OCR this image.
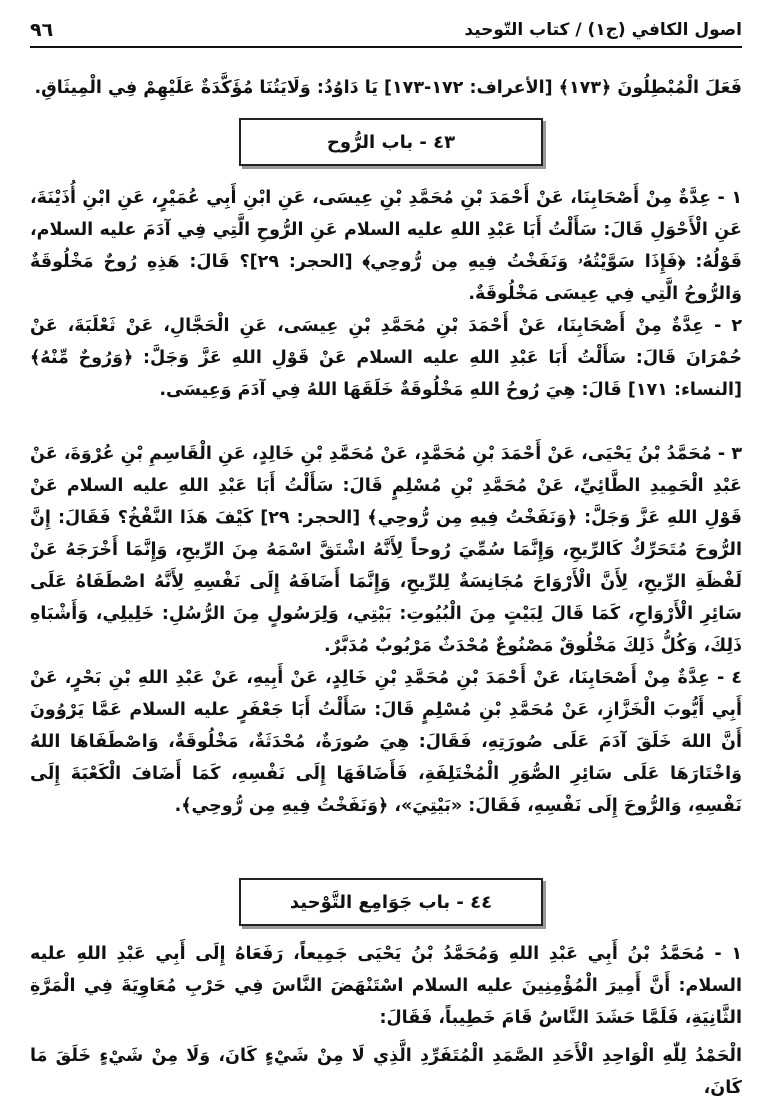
اصول الكافي (ج١) / كتاب التّوحيد
٩٦
فَعَلَ الْمُبْطِلُونَ ﴿١٧٣﴾ [الأعراف: ١٧٢-١٧٣] يَا دَاوُدُ: وَلَايَتُنَا مُؤَكَّدَةٌ عَلَيْهِمْ فِي الْمِيثَاقِ.
٤٣ - باب الرُّوح
١ - عِدَّةٌ مِنْ أَصْحَابِنَا، عَنْ أَحْمَدَ بْنِ مُحَمَّدِ بْنِ عِيسَى، عَنِ ابْنِ أَبِي عُمَيْرٍ، عَنِ ابْنِ أُذَيْنَةَ، عَنِ الْأَحْوَلِ قَالَ: سَأَلْتُ أَبَا عَبْدِ اللهِ عليه السلام عَنِ الرُّوحِ الَّتِي فِي آدَمَ عليه السلام، قَوْلُهُ: ﴿فَإِذَا سَوَّيْتُهُۥ وَنَفَخْتُ فِيهِ مِن رُّوحِي﴾ [الحجر: ٢٩]؟ قَالَ: هَذِهِ رُوحٌ مَخْلُوقَةٌ وَالرُّوحُ الَّتِي فِي عِيسَى مَخْلُوقَةٌ.
٢ - عِدَّةٌ مِنْ أَصْحَابِنَا، عَنْ أَحْمَدَ بْنِ مُحَمَّدِ بْنِ عِيسَى، عَنِ الْحَجَّالِ، عَنْ ثَعْلَبَةَ، عَنْ حُمْرَانَ قَالَ: سَأَلْتُ أَبَا عَبْدِ اللهِ عليه السلام عَنْ قَوْلِ اللهِ عَزَّ وَجَلَّ: ﴿وَرُوحٌ مِّنْهُ﴾ [النساء: ١٧١] قَالَ: هِيَ رُوحُ اللهِ مَخْلُوقَةٌ خَلَقَهَا اللهُ فِي آدَمَ وَعِيسَى.
٣ - مُحَمَّدُ بْنُ يَحْيَى، عَنْ أَحْمَدَ بْنِ مُحَمَّدٍ، عَنْ مُحَمَّدِ بْنِ خَالِدٍ، عَنِ الْقَاسِمِ بْنِ عُرْوَةَ، عَنْ عَبْدِ الْحَمِيدِ الطَّائِيِّ، عَنْ مُحَمَّدِ بْنِ مُسْلِمٍ قَالَ: سَأَلْتُ أَبَا عَبْدِ اللهِ عليه السلام عَنْ قَوْلِ اللهِ عَزَّ وَجَلَّ: ﴿وَنَفَخْتُ فِيهِ مِن رُّوحِي﴾ [الحجر: ٢٩] كَيْفَ هَذَا النَّفْخُ؟ فَقَالَ: إِنَّ الرُّوحَ مُتَحَرِّكٌ كَالرِّيحِ، وَإِنَّمَا سُمِّيَ رُوحاً لِأَنَّهُ اشْتَقَّ اسْمَهُ مِنَ الرِّيحِ، وَإِنَّمَا أَخْرَجَهُ عَنْ لَفْظَةِ الرِّيحِ، لِأَنَّ الْأَرْوَاحَ مُجَانِسَةٌ لِلرِّيحِ، وَإِنَّمَا أَضَافَهُ إِلَى نَفْسِهِ لِأَنَّهُ اصْطَفَاهُ عَلَى سَائِرِ الْأَرْوَاحِ، كَمَا قَالَ لِبَيْتٍ مِنَ الْبُيُوتِ: بَيْتِي، وَلِرَسُولٍ مِنَ الرُّسُلِ: خَلِيلِي، وَأَشْبَاهِ ذَلِكَ، وَكُلُّ ذَلِكَ مَخْلُوقٌ مَصْنُوعٌ مُحْدَثٌ مَرْبُوبٌ مُدَبَّرٌ.
٤ - عِدَّةٌ مِنْ أَصْحَابِنَا، عَنْ أَحْمَدَ بْنِ مُحَمَّدِ بْنِ خَالِدٍ، عَنْ أَبِيهِ، عَنْ عَبْدِ اللهِ بْنِ بَحْرٍ، عَنْ أَبِي أَيُّوبَ الْخَزَّازِ، عَنْ مُحَمَّدِ بْنِ مُسْلِمٍ قَالَ: سَأَلْتُ أَبَا جَعْفَرٍ عليه السلام عَمَّا يَرْوُونَ أَنَّ اللهَ خَلَقَ آدَمَ عَلَى صُورَتِهِ، فَقَالَ: هِيَ صُورَةٌ، مُحْدَثَةٌ، مَخْلُوقَةٌ، وَاصْطَفَاهَا اللهُ وَاخْتَارَهَا عَلَى سَائِرِ الصُّوَرِ الْمُخْتَلِفَةِ، فَأَضَافَهَا إِلَى نَفْسِهِ، كَمَا أَضَافَ الْكَعْبَةَ إِلَى نَفْسِهِ، وَالرُّوحَ إِلَى نَفْسِهِ، فَقَالَ: «بَيْتِيَ»، ﴿وَنَفَخْتُ فِيهِ مِن رُّوحِي﴾.
٤٤ - باب جَوَامِع التَّوْحيد
١ - مُحَمَّدُ بْنُ أَبِي عَبْدِ اللهِ وَمُحَمَّدُ بْنُ يَحْيَى جَمِيعاً، رَفَعَاهُ إِلَى أَبِي عَبْدِ اللهِ عليه السلام: أَنَّ أَمِيرَ الْمُؤْمِنِينَ عليه السلام اسْتَنْهَضَ النَّاسَ فِي حَرْبِ مُعَاوِيَةَ فِي الْمَرَّةِ الثَّانِيَةِ، فَلَمَّا حَشَدَ النَّاسُ قَامَ خَطِيباً، فَقَالَ:
الْحَمْدُ لِلّٰهِ الْوَاحِدِ الْأَحَدِ الصَّمَدِ الْمُتَفَرِّدِ الَّذِي لَا مِنْ شَيْءٍ كَانَ، وَلَا مِنْ شَيْءٍ خَلَقَ مَا كَانَ،
